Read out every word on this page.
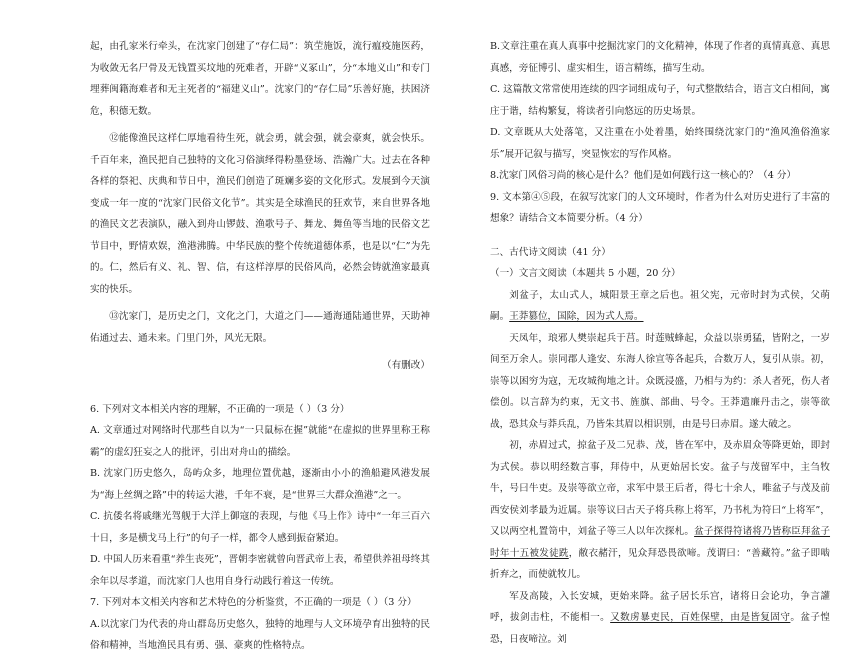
起，由孔家米行牵头，在沈家门创建了“存仁局”：筑茔施饭，流行瘟疫施医药，为收敛无名尸骨及无钱置买坟地的死难者，开辟“义冢山”，分“本地义山”和专门埋葬闽籍海难者和无主死者的“福建义山”。沈家门的“存仁局”乐善好施，扶困济危，积德无数。

⑫能像渔民这样仁厚地看待生死，就会勇，就会强，就会豪爽，就会快乐。千百年来，渔民把自己独特的文化习俗演绎得粉墨登场、浩瀚广大。过去在各种各样的祭祀、庆典和节日中，渔民们创造了斑斓多姿的文化形式。发展到今天演变成一年一度的“沈家门民俗文化节”。其实是全球渔民的狂欢节，来自世界各地的渔民文艺表演队，融入到舟山锣鼓、渔歌号子、舞龙、舞鱼等当地的民俗文艺节目中，野情欢娱，渔港沸腾。中华民族的整个传统道德体系，也是以“仁”为先的。仁，然后有义、礼、智、信，有这样淳厚的民俗风尚，必然会铸就渔家最真实的快乐。

⑬沈家门，是历史之门，文化之门，大道之门——通海通陆通世界，天助神佑通过去、通未来。门里门外，风光无限。

（有删改）

6. 下列对文本相关内容的理解，不正确的一项是（ ）（3 分）

A. 文章通过对网络时代那些自以为“一只鼠标在握”就能“在虚拟的世界里称王称霸”的虚幻狂妄之人的批评，引出对舟山的描绘。

B. 沈家门历史悠久，岛屿众多，地理位置优越，逐渐由小小的渔船避风港发展为“海上丝绸之路”中的转运大港，千年不衰，是“世界三大群众渔港”之一。

C. 抗倭名将戚继光驾舰于大洋上御寇的表现，与他《马上作》诗中“一年三百六十日，多是横戈马上行”的句子一样，都令人感到振奋紧迫。

D. 中国人历来看重“养生丧死”，晋朝李密就曾向晋武帝上表，希望供养祖母终其余年以尽孝道，而沈家门人也用自身行动践行着这一传统。

7. 下列对本文相关内容和艺术特色的分析鉴赏，不正确的一项是（ ）（3 分）

A.以沈家门为代表的舟山群岛历史悠久，独特的地理与人文环境孕育出独特的民俗和精神，当地渔民具有勇、强、豪爽的性格特点。

B.文章注重在真人真事中挖掘沈家门的文化精神，体现了作者的真情真意、真思真感，旁征博引、虚实相生，语言精练，描写生动。

C. 这篇散文常常使用连续的四字词组成句子，句式整散结合，语言文白相间，寓庄于谐，结构繁复，将读者引向悠远的历史场景。

D. 文章既从大处落笔，又注重在小处着墨，始终围绕沈家门的“渔风渔俗渔家乐”展开记叙与描写，突显恢宏的写作风格。

8.沈家门风俗习尚的核心是什么？他们是如何践行这一核心的？（4 分）

9. 文本第④⑤段，在叙写沈家门的人文环境时，作者为什么对历史进行了丰富的想象？请结合文本简要分析。（4 分）

二、古代诗文阅读（41 分）

（一）文言文阅读（本题共 5 小题，20 分）

刘盆子，太山式人，城阳景王章之后也。祖父宪，元帝时封为式侯，父萌嗣。王莽篡位，国除，因为式人焉。

天凤年，琅邪人樊崇起兵于莒。时莲贼蜂起，众益以崇勇猛，皆附之，一岁间至万余人。崇同郡人逢安、东海人徐宣等各起兵，合数万人，复引从崇。初，崇等以困穷为寇，无攻城徇地之计。众既浸盛，乃相与为约：杀人者死，伤人者偿创。以言辞为约束，无文书、旌旗、部曲、号令。王莽遣廉丹击之，崇等欲战，恐其众与莽兵乱，乃皆朱其眉以相识别，由是号曰赤眉。遂大破之。

初，赤眉过式，掠盆子及二兄恭、茂，皆在军中，及赤眉众等降更始，即封为式侯。恭以明经数言事，拜侍中，从更始居长安。盆子与茂留军中，主刍牧牛，号曰牛吏。及崇等欲立帝，求军中景王后者，得七十余人，唯盆子与茂及前西安侯刘孝最为近属。崇等议曰古天子将兵称上将军，乃书札为符曰“上将军”，又以两空札置笥中，刘盆子等三人以年次探札。盆子探得符诸将乃皆称臣拜盆子时年十五被发徒跣，敝衣赭汗，见众拜恐畏欲啼。茂谓曰：“善藏符。”盆子即啮折弃之，而使就牧儿。

军及高陵，入长安城，更始来降。盆子居长乐宫，诸将日会论功，争言讙呼，拔剑击柱，不能相一。又数虏暴吏民，百姓保壁，由是皆复固守。盆子惶恐，日夜啼泣。刘
